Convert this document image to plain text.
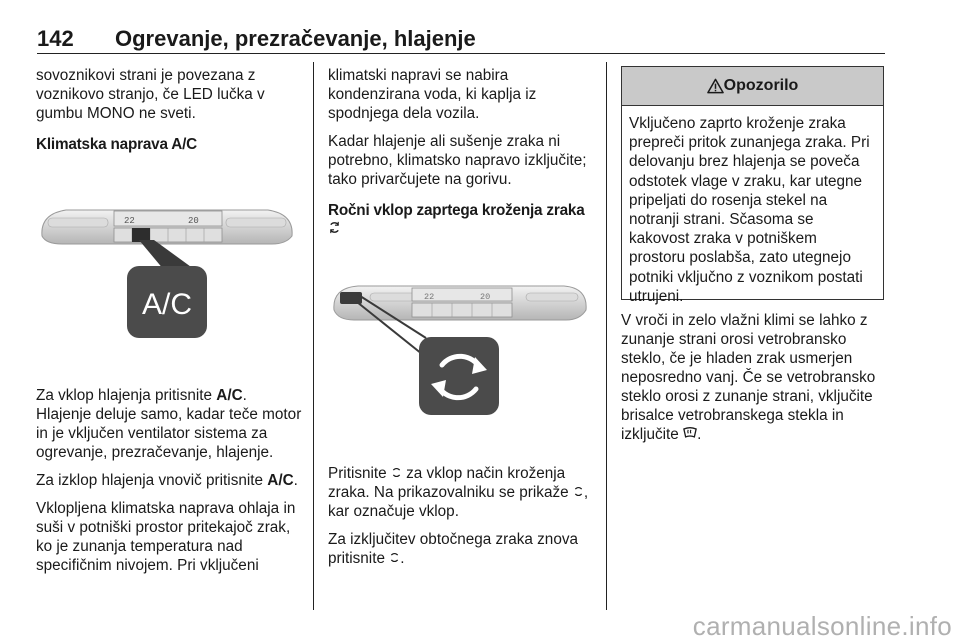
142 Ogrevanje, prezračevanje, hlajenje

sovoznikovi strani je povezana z voznikovo stranjo, če LED lučka v gumbu MONO ne sveti.

Klimatska naprava A/C

22	20
A/C

Za vklop hlajenja pritisnite A/C. Hlajenje deluje samo, kadar teče motor in je vključen ventilator sistema za ogrevanje, prezračevanje, hlajenje.

Za izklop hlajenja vnovič pritisnite A/C.

Vklopljena klimatska naprava ohlaja in suši v potniški prostor pritekajoč zrak, ko je zunanja temperatura nad specifičnim nivojem. Pri vključeni

klimatski napravi se nabira kondenzirana voda, ki kaplja iz spodnjega dela vozila.

Kadar hlajenje ali sušenje zraka ni potrebno, klimatsko napravo izključite; tako privarčujete na gorivu.

Ročni vklop zaprtega kroženja zraka

22	20

Pritisnite  za vklop način kroženja zraka. Na prikazovalniku se prikaže , kar označuje vklop.

Za izključitev obtočnega zraka znova pritisnite .

Opozorilo
Vključeno zaprto kroženje zraka prepreči pritok zunanjega zraka. Pri delovanju brez hlajenja se poveča odstotek vlage v zraku, kar utegne pripeljati do rosenja stekel na notranji strani. Sčasoma se kakovost zraka v potniškem prostoru poslabša, zato utegnejo potniki vključno z voznikom postati utrujeni.

V vroči in zelo vlažni klimi se lahko z zunanje strani orosi vetrobransko steklo, če je hladen zrak usmerjen neposredno vanj. Če se vetrobransko steklo orosi z zunanje strani, vključite brisalce vetrobranskega stekla in izključite .

carmanualsonline.info
